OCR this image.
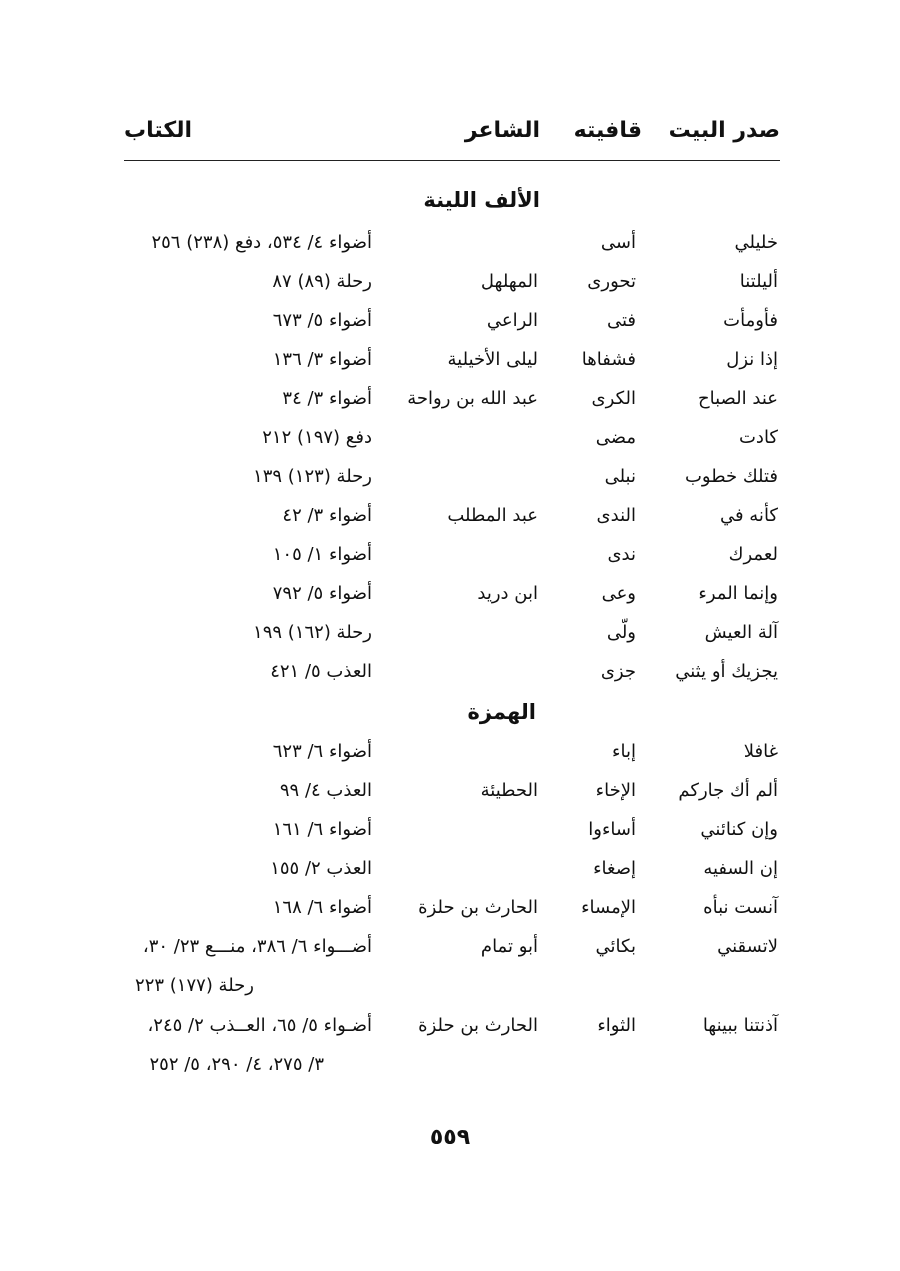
صدر البيت
قافيته
الشاعر
الكتاب
الألف اللينة
خليلي
أسى
أضواء ٤/ ٥٣٤، دفع (٢٣٨) ٢٥٦
أليلتنا
تحورى
المهلهل
رحلة (٨٩) ٨٧
فأومأت
فتى
الراعي
أضواء ٥/ ٦٧٣
إذا نزل
فشفاها
ليلى الأخيلية
أضواء ٣/ ١٣٦
عند الصباح
الكرى
عبد الله بن رواحة
أضواء ٣/ ٣٤
كادت
مضى
دفع (١٩٧) ٢١٢
فتلك خطوب
نبلى
رحلة (١٢٣) ١٣٩
كأنه في
الندى
عبد المطلب
أضواء ٣/ ٤٢
لعمرك
ندى
أضواء ١/ ١٠٥
وإنما المرء
وعى
ابن دريد
أضواء ٥/ ٧٩٢
آلة العيش
ولّى
رحلة (١٦٢) ١٩٩
يجزيك أو يثني
جزى
العذب ٥/ ٤٢١
الهمزة
غافلا
إباء
أضواء ٦/ ٦٢٣
ألم أك جاركم
الإخاء
الحطيئة
العذب ٤/ ٩٩
وإن كنائني
أساءوا
أضواء ٦/ ١٦١
إن السفيه
إصغاء
العذب ٢/ ١٥٥
آنست نبأه
الإمساء
الحارث بن حلزة
أضواء ٦/ ١٦٨
لاتسقني
بكائي
أبو تمام
أضـــواء ٦/ ٣٨٦، منـــع ٢٣/ ٣٠،
رحلة (١٧٧) ٢٢٣
آذنتنا ببينها
الثواء
الحارث بن حلزة
أضـواء ٥/ ٦٥، العــذب ٢/ ٢٤٥،
٣/ ٢٧٥، ٤/ ٢٩٠، ٥/ ٢٥٢
٥٥٩
